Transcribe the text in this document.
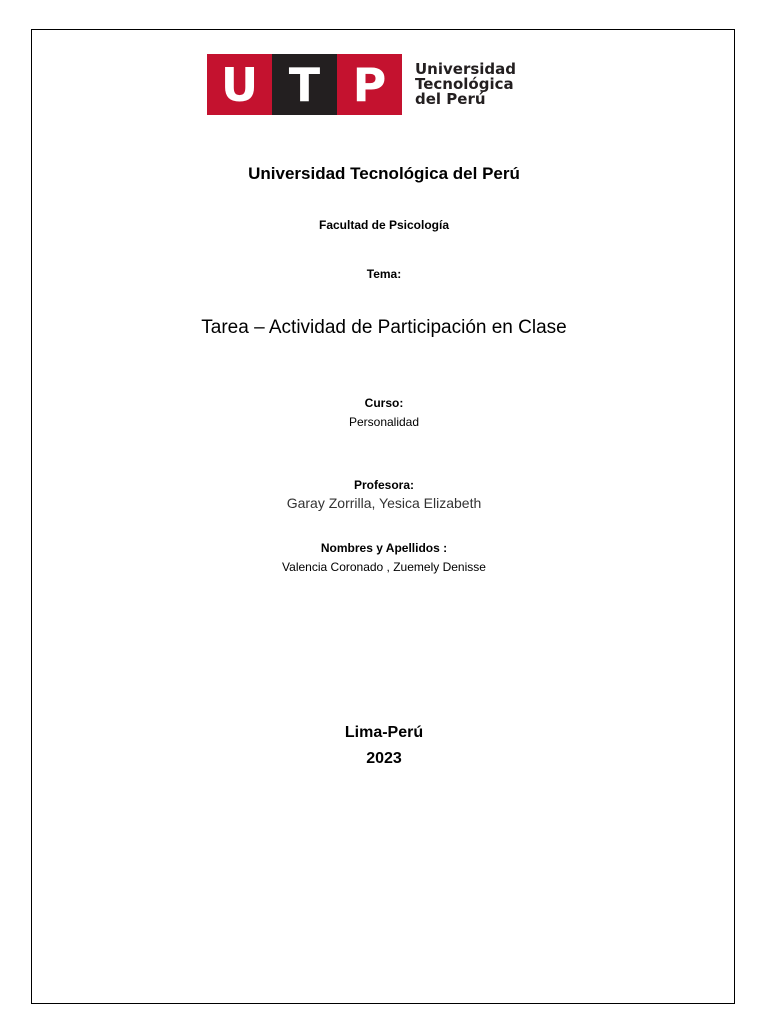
U T P	Universidad
Tecnológica
del Perú
Universidad Tecnológica del Perú
Facultad de Psicología
Tema:
Tarea – Actividad de Participación en Clase
Curso:
Personalidad
Profesora:
Garay Zorrilla, Yesica Elizabeth
Nombres y Apellidos :
Valencia Coronado , Zuemely Denisse
Lima-Perú
2023
